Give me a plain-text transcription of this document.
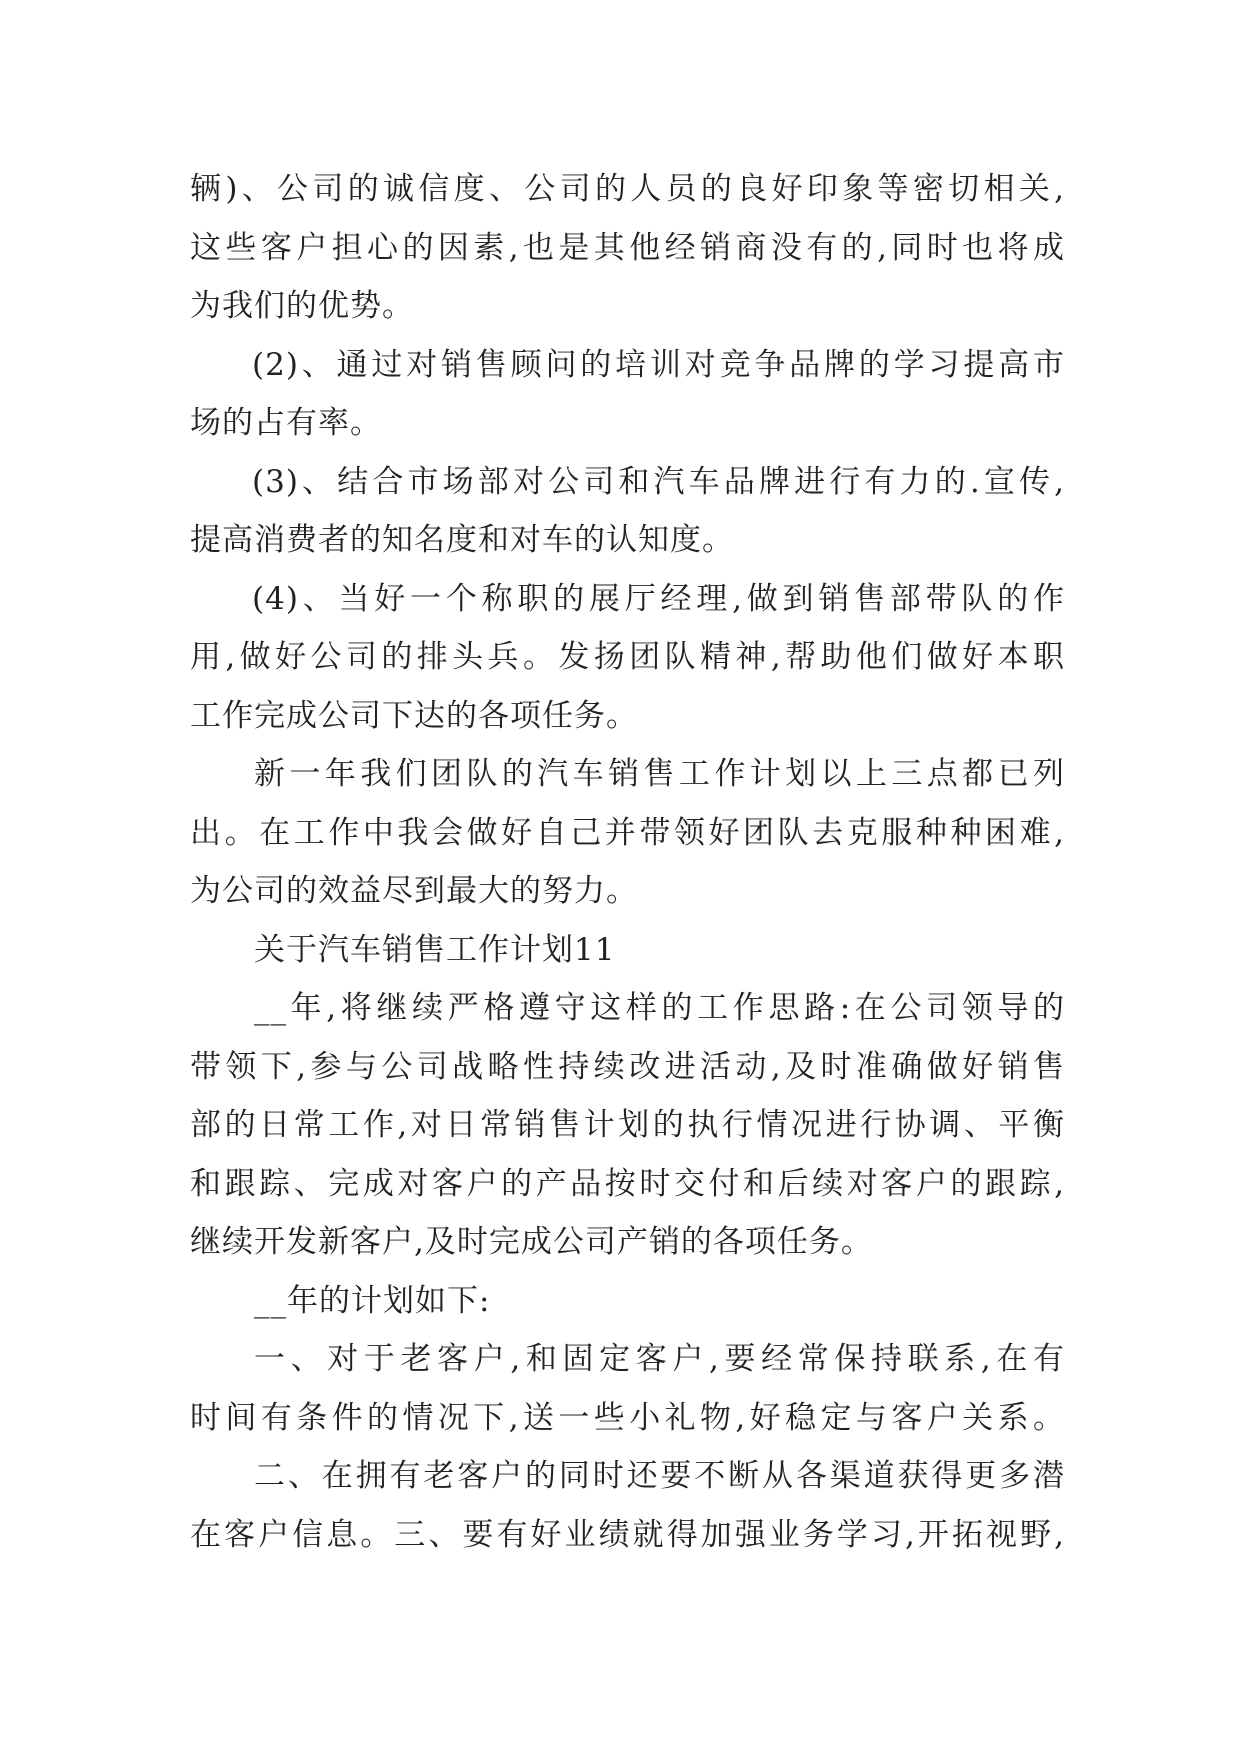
辆)、公司的诚信度、公司的人员的良好印象等密切相关,
这些客户担心的因素,也是其他经销商没有的,同时也将成
为我们的优势。
(2)、通过对销售顾问的培训对竞争品牌的学习提高市
场的占有率。
(3)、结合市场部对公司和汽车品牌进行有力的.宣传,
提高消费者的知名度和对车的认知度。
(4)、当好一个称职的展厅经理,做到销售部带队的作
用,做好公司的排头兵。发扬团队精神,帮助他们做好本职
工作完成公司下达的各项任务。
新一年我们团队的汽车销售工作计划以上三点都已列
出。在工作中我会做好自己并带领好团队去克服种种困难,
为公司的效益尽到最大的努力。
关于汽车销售工作计划11
__年,将继续严格遵守这样的工作思路:在公司领导的
带领下,参与公司战略性持续改进活动,及时准确做好销售
部的日常工作,对日常销售计划的执行情况进行协调、平衡
和跟踪、完成对客户的产品按时交付和后续对客户的跟踪,
继续开发新客户,及时完成公司产销的各项任务。
__年的计划如下:
一、对于老客户,和固定客户,要经常保持联系,在有
时间有条件的情况下,送一些小礼物,好稳定与客户关系。
二、在拥有老客户的同时还要不断从各渠道获得更多潜
在客户信息。三、要有好业绩就得加强业务学习,开拓视野,
